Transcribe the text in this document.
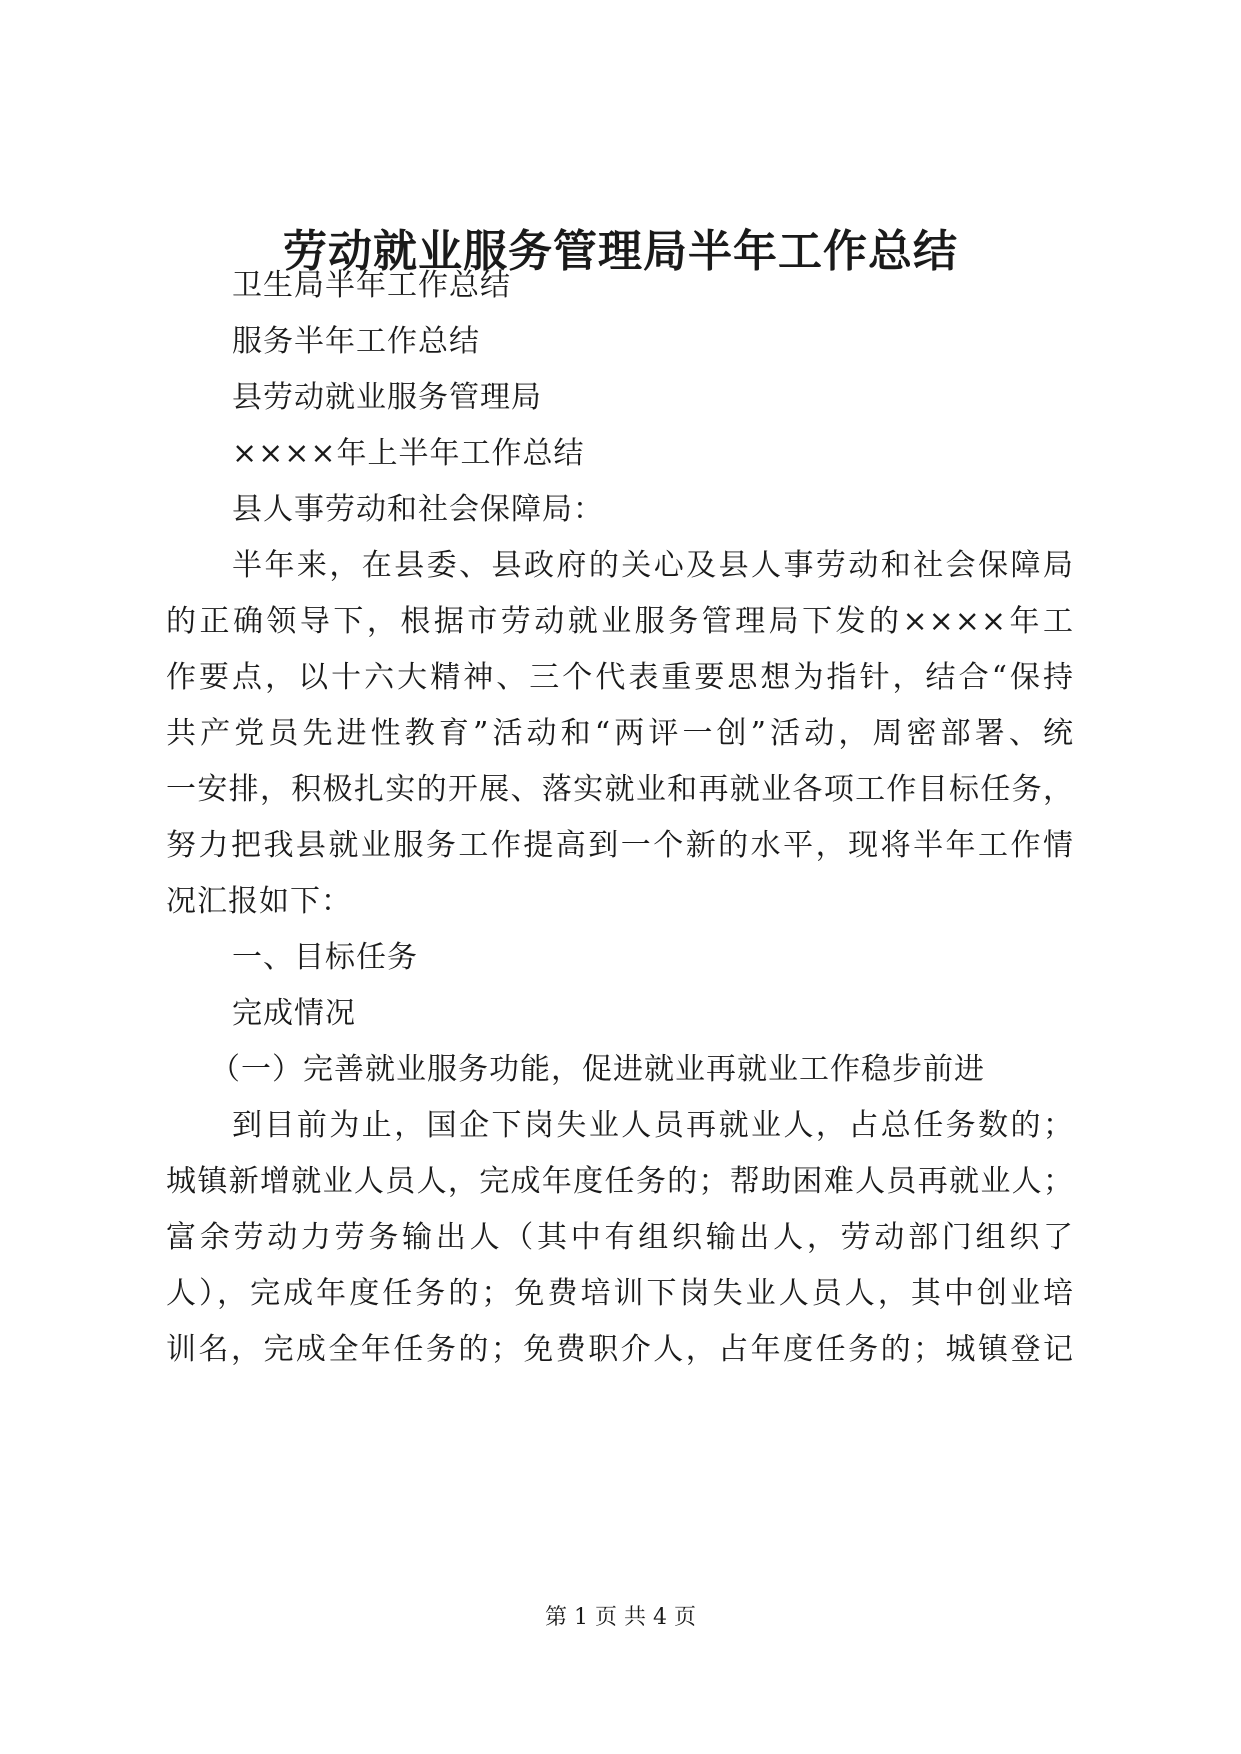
劳动就业服务管理局半年工作总结
卫生局半年工作总结
服务半年工作总结
县劳动就业服务管理局
××××年上半年工作总结
县人事劳动和社会保障局：
半年来，在县委、县政府的关心及县人事劳动和社会保障局
的正确领导下，根据市劳动就业服务管理局下发的××××年工
作要点，以十六大精神、三个代表重要思想为指针，结合“保持
共产党员先进性教育”活动和“两评一创”活动，周密部署、统
一安排，积极扎实的开展、落实就业和再就业各项工作目标任务，
努力把我县就业服务工作提高到一个新的水平，现将半年工作情
况汇报如下：
一、目标任务
完成情况
（一）完善就业服务功能，促进就业再就业工作稳步前进
到目前为止，国企下岗失业人员再就业人，占总任务数的；
城镇新增就业人员人，完成年度任务的；帮助困难人员再就业人；
富余劳动力劳务输出人（其中有组织输出人，劳动部门组织了
人），完成年度任务的；免费培训下岗失业人员人，其中创业培
训名，完成全年任务的；免费职介人，占年度任务的；城镇登记
第 1 页 共 4 页
